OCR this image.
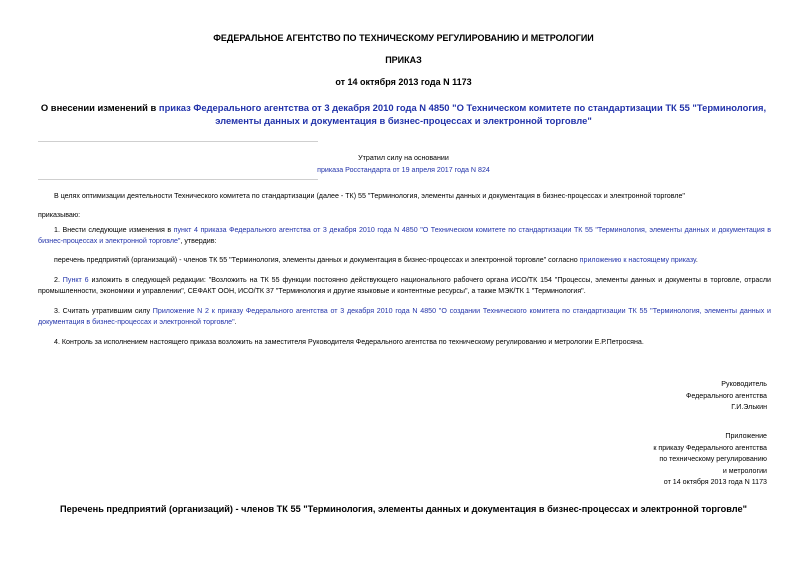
ФЕДЕРАЛЬНОЕ АГЕНТСТВО ПО ТЕХНИЧЕСКОМУ РЕГУЛИРОВАНИЮ И МЕТРОЛОГИИ
ПРИКАЗ
от 14 октября 2013 года N 1173
О внесении изменений в приказ Федерального агентства от 3 декабря 2010 года N 4850 "О Техническом комитете по стандартизации ТК 55 "Терминология,
элементы данных и документация в бизнес-процессах и электронной торговле"
Утратил силу на основании
приказа Росстандарта от 19 апреля 2017 года N 824
В целях оптимизации деятельности Технического комитета по стандартизации (далее - ТК) 55 "Терминология, элементы данных и документация в бизнес-процессах и электронной торговле"
приказываю:
1. Внести следующие изменения в пункт 4 приказа Федерального агентства от 3 декабря 2010 года N 4850 "О Техническом комитете по стандартизации ТК 55 "Терминология, элементы данных и документация в бизнес-процессах и электронной торговле", утвердив:
перечень предприятий (организаций) - членов ТК 55 "Терминология, элементы данных и документация в бизнес-процессах и электронной торговле" согласно приложению к настоящему приказу.
2. Пункт 6 изложить в следующей редакции: "Возложить на ТК 55 функции постоянно действующего национального рабочего органа ИСО/ТК 154 "Процессы, элементы данных и документы в торговле, отрасли промышленности, экономики и управлении", СЕФАКТ ООН, ИСО/ТК 37 "Терминология и другие языковые и контентные ресурсы", а также МЭК/ТК 1 "Терминология".
3. Считать утратившим силу Приложение N 2 к приказу Федерального агентства от 3 декабря 2010 года N 4850 "О создании Технического комитета по стандартизации ТК 55 "Терминология, элементы данных и документация в бизнес-процессах и электронной торговле".
4. Контроль за исполнением настоящего приказа возложить на заместителя Руководителя Федерального агентства по техническому регулированию и метрологии Е.Р.Петросяна.
Руководитель
Федерального агентства
Г.И.Элькин
Приложение
к приказу Федерального агентства
по техническому регулированию
и метрологии
от 14 октября 2013 года N 1173
Перечень предприятий (организаций) - членов ТК 55 "Терминология, элементы данных и документация в бизнес-процессах и электронной торговле"
